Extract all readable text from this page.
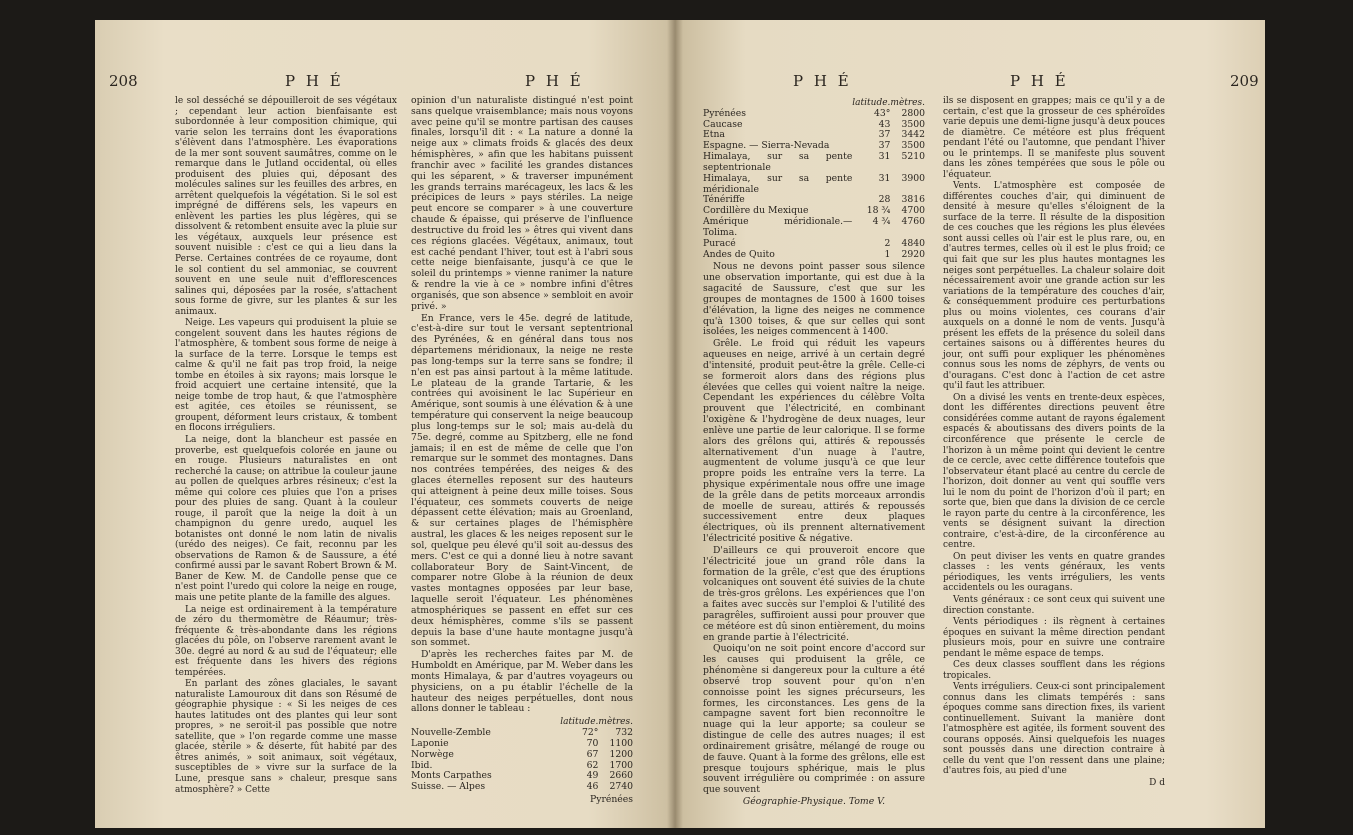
208	P H É	P H É

le sol desséché se dépouilleroit de ses végétaux ; cependant leur action bienfaisante est subordonnée à leur composition chimique, qui varie selon les terrains dont les évaporations s'élèvent dans l'atmosphère. Les évaporations de la mer sont souvent saumâtres, comme on le remarque dans le Jutland occidental, où elles produisent des pluies qui, déposant des molécules salines sur les feuilles des arbres, en arrêtent quelquefois la végétation. Si le sol est imprégné de différens sels, les vapeurs en enlèvent les parties les plus légères, qui se dissolvent & retombent ensuite avec la pluie sur les végétaux, auxquels leur présence est souvent nuisible : c'est ce qui a lieu dans la Perse. Certaines contrées de ce royaume, dont le sol contient du sel ammoniac, se couvrent souvent en une seule nuit d'efflorescences salines qui, déposées par la rosée, s'attachent sous forme de givre, sur les plantes & sur les animaux.

Neige. Les vapeurs qui produisent la pluie se congelent souvent dans les hautes régions de l'atmosphère, & tombent sous forme de neige à la surface de la terre. Lorsque le temps est calme & qu'il ne fait pas trop froid, la neige tombe en étoiles à six rayons; mais lorsque le froid acquiert une certaine intensité, que la neige tombe de trop haut, & que l'atmosphère est agitée, ces étoiles se réunissent, se groupent, déforment leurs cristaux, & tombent en flocons irréguliers.

La neige, dont la blancheur est passée en proverbe, est quelquefois colorée en jaune ou en rouge. Plusieurs naturalistes en ont recherché la cause; on attribue la couleur jaune au pollen de quelques arbres résineux; c'est la même qui colore ces pluies que l'on a prises pour des pluies de sang. Quant à la couleur rouge, il paroît que la neige la doit à un champignon du genre uredo, auquel les botanistes ont donné le nom latin de nivalis (urédo des neiges). Ce fait, reconnu par les observations de Ramon & de Saussure, a été confirmé aussi par le savant Robert Brown & M. Baner de Kew. M. de Candolle pense que ce n'est point l'uredo qui colore la neige en rouge, mais une petite plante de la famille des algues.

La neige est ordinairement à la température de zéro du thermomètre de Réaumur; très-fréquente & très-abondante dans les régions glacées du pôle, on l'observe rarement avant le 30e. degré au nord & au sud de l'équateur; elle est fréquente dans les hivers des régions tempérées.

En parlant des zônes glaciales, le savant naturaliste Lamouroux dit dans son Résumé de géographie physique : « Si les neiges de ces hautes latitudes ont des plantes qui leur sont propres, » ne seroit-il pas possible que notre satellite, que » l'on regarde comme une masse glacée, stérile » & déserte, fût habité par des êtres animés, » soit animaux, soit végétaux, susceptibles de » vivre sur la surface de la Lune, presque sans » chaleur, presque sans atmosphère? » Cette

opinion d'un naturaliste distingué n'est point sans quelque vraisemblance; mais nous voyons avec peine qu'il se montre partisan des causes finales, lorsqu'il dit : « La nature a donné la neige aux » climats froids & glacés des deux hémisphères, » afin que les habitans puissent franchir avec » facilité les grandes distances qui les séparent, » & traverser impunément les grands terrains marécageux, les lacs & les précipices de leurs » pays stériles. La neige peut encore se comparer » à une couverture chaude & épaisse, qui préserve de l'influence destructive du froid les » êtres qui vivent dans ces régions glacées. Végétaux, animaux, tout est caché pendant l'hiver, tout est à l'abri sous cette neige bienfaisante, jusqu'à ce que le soleil du printemps » vienne ranimer la nature & rendre la vie à ce » nombre infini d'êtres organisés, que son absence » sembloit en avoir privé. »

En France, vers le 45e. degré de latitude, c'est-à-dire sur tout le versant septentrional des Pyrénées, & en général dans tous nos départemens méridionaux, la neige ne reste pas long-temps sur la terre sans se fondre; il n'en est pas ainsi partout à la même latitude. Le plateau de la grande Tartarie, & les contrées qui avoisinent le lac Supérieur en Amérique, sont soumis à une élévation & à une température qui conservent la neige beaucoup plus long-temps sur le sol; mais au-delà du 75e. degré, comme au Spitzberg, elle ne fond jamais; il en est de même de celle que l'on remarque sur le sommet des montagnes. Dans nos contrées tempérées, des neiges & des glaces éternelles reposent sur des hauteurs qui atteignent à peine deux mille toises. Sous l'équateur, ces sommets couverts de neige dépassent cette élévation; mais au Groenland, & sur certaines plages de l'hémisphère austral, les glaces & les neiges reposent sur le sol, quelque peu élevé qu'il soit au-dessus des mers. C'est ce qui a donné lieu à notre savant collaborateur Bory de Saint-Vincent, de comparer notre Globe à la réunion de deux vastes montagnes opposées par leur base, laquelle seroit l'équateur. Les phénomènes atmosphériques se passent en effet sur ces deux hémisphères, comme s'ils se passent depuis la base d'une haute montagne jusqu'à son sommet.

D'après les recherches faites par M. de Humboldt en Amérique, par M. Weber dans les monts Himalaya, & par d'autres voyageurs ou physiciens, on a pu établir l'échelle de la hauteur des neiges perpétuelles, dont nous allons donner le tableau :

	latitude.	mètres.
Nouvelle-Zemble	72°	732
Laponie	70	1100
Norwège	67	1200
Ibid.	62	1700
Monts Carpathes	49	2660
Suisse. — Alpes	46	2740
Pyrénées
P H É	P H É	209
	latitude.	mètres.
Pyrénées	43°	2800
Caucase	43	3500
Etna	37	3442
Espagne. — Sierra-Nevada	37	3500
Himalaya, sur sa pente septentrionale	31	5210
Himalaya, sur sa pente méridionale	31	3900
Ténériffe	28	3816
Cordillère du Mexique	18 ¾	4700
Amérique méridionale.—Tolima.	4 ¾	4760
Puracé	2	4840
Andes de Quito	1	2920

Nous ne devons point passer sous silence une observation importante, qui est due à la sagacité de Saussure, c'est que sur les groupes de montagnes de 1500 à 1600 toises d'élévation, la ligne des neiges ne commence qu'à 1300 toises, & que sur celles qui sont isolées, les neiges commencent à 1400.

Grêle. Le froid qui réduit les vapeurs aqueuses en neige, arrivé à un certain degré d'intensité, produit peut-être la grêle. Celle-ci se formeroit alors dans des régions plus élevées que celles qui voient naître la neige. Cependant les expériences du célèbre Volta prouvent que l'électricité, en combinant l'oxigène & l'hydrogène de deux nuages, leur enlève une partie de leur calorique. Il se forme alors des grêlons qui, attirés & repoussés alternativement d'un nuage à l'autre, augmentent de volume jusqu'à ce que leur propre poids les entraîne vers la terre. La physique expérimentale nous offre une image de la grêle dans de petits morceaux arrondis de moelle de sureau, attirés & repoussés successivement entre deux plaques électriques, où ils prennent alternativement l'électricité positive & négative.

D'ailleurs ce qui prouveroit encore que l'électricité joue un grand rôle dans la formation de la grêle, c'est que des éruptions volcaniques ont souvent été suivies de la chute de très-gros grêlons. Les expériences que l'on a faites avec succès sur l'emploi & l'utilité des paragrêles, suffiroient aussi pour prouver que ce météore est dû sinon entièrement, du moins en grande partie à l'électricité.

Quoiqu'on ne soit point encore d'accord sur les causes qui produisent la grêle, ce phénomène si dangereux pour la culture a été observé trop souvent pour qu'on n'en connoisse point les signes précurseurs, les formes, les circonstances. Les gens de la campagne savent fort bien reconnoître le nuage qui la leur apporte; sa couleur se distingue de celle des autres nuages; il est ordinairement grisâtre, mélangé de rouge ou de fauve. Quant à la forme des grêlons, elle est presque toujours sphérique, mais le plus souvent irrégulière ou comprimée : on assure que souvent

Géographie-Physique. Tome V.

ils se disposent en grappes; mais ce qu'il y a de certain, c'est que la grosseur de ces sphéroïdes varie depuis une demi-ligne jusqu'à deux pouces de diamètre. Ce météore est plus fréquent pendant l'été ou l'automne, que pendant l'hiver ou le printemps. Il se manifeste plus souvent dans les zônes tempérées que sous le pôle ou l'équateur.

Vents. L'atmosphère est composée de différentes couches d'air, qui diminuent de densité à mesure qu'elles s'éloignent de la surface de la terre. Il résulte de la disposition de ces couches que les régions les plus élevées sont aussi celles où l'air est le plus rare, ou, en d'autres termes, celles où il est le plus froid; ce qui fait que sur les plus hautes montagnes les neiges sont perpétuelles. La chaleur solaire doit nécessairement avoir une grande action sur les variations de la température des couches d'air, & conséquemment produire ces perturbations plus ou moins violentes, ces courans d'air auxquels on a donné le nom de vents. Jusqu'à présent les effets de la présence du soleil dans certaines saisons ou à différentes heures du jour, ont suffi pour expliquer les phénomènes connus sous les noms de zéphyrs, de vents ou d'ouragans. C'est donc à l'action de cet astre qu'il faut les attribuer.

On a divisé les vents en trente-deux espèces, dont les différentes directions peuvent être considérées comme autant de rayons également espacés & aboutissans des divers points de la circonférence que présente le cercle de l'horizon à un même point qui devient le centre de ce cercle, avec cette différence toutefois que l'observateur étant placé au centre du cercle de l'horizon, doit donner au vent qui souffle vers lui le nom du point de l'horizon d'où il part; en sorte que, bien que dans la division de ce cercle le rayon parte du centre à la circonférence, les vents se désignent suivant la direction contraire, c'est-à-dire, de la circonférence au centre.

On peut diviser les vents en quatre grandes classes : les vents généraux, les vents périodiques, les vents irréguliers, les vents accidentels ou les ouragans.

Vents généraux : ce sont ceux qui suivent une direction constante.

Vents périodiques : ils règnent à certaines époques en suivant la même direction pendant plusieurs mois, pour en suivre une contraire pendant le même espace de temps.

Ces deux classes soufflent dans les régions tropicales.

Vents irréguliers. Ceux-ci sont principalement connus dans les climats tempérés : sans époques comme sans direction fixes, ils varient continuellement. Suivant la manière dont l'atmosphère est agitée, ils forment souvent des courans opposés. Ainsi quelquefois les nuages sont poussés dans une direction contraire à celle du vent que l'on ressent dans une plaine; d'autres fois, au pied d'une

D d
